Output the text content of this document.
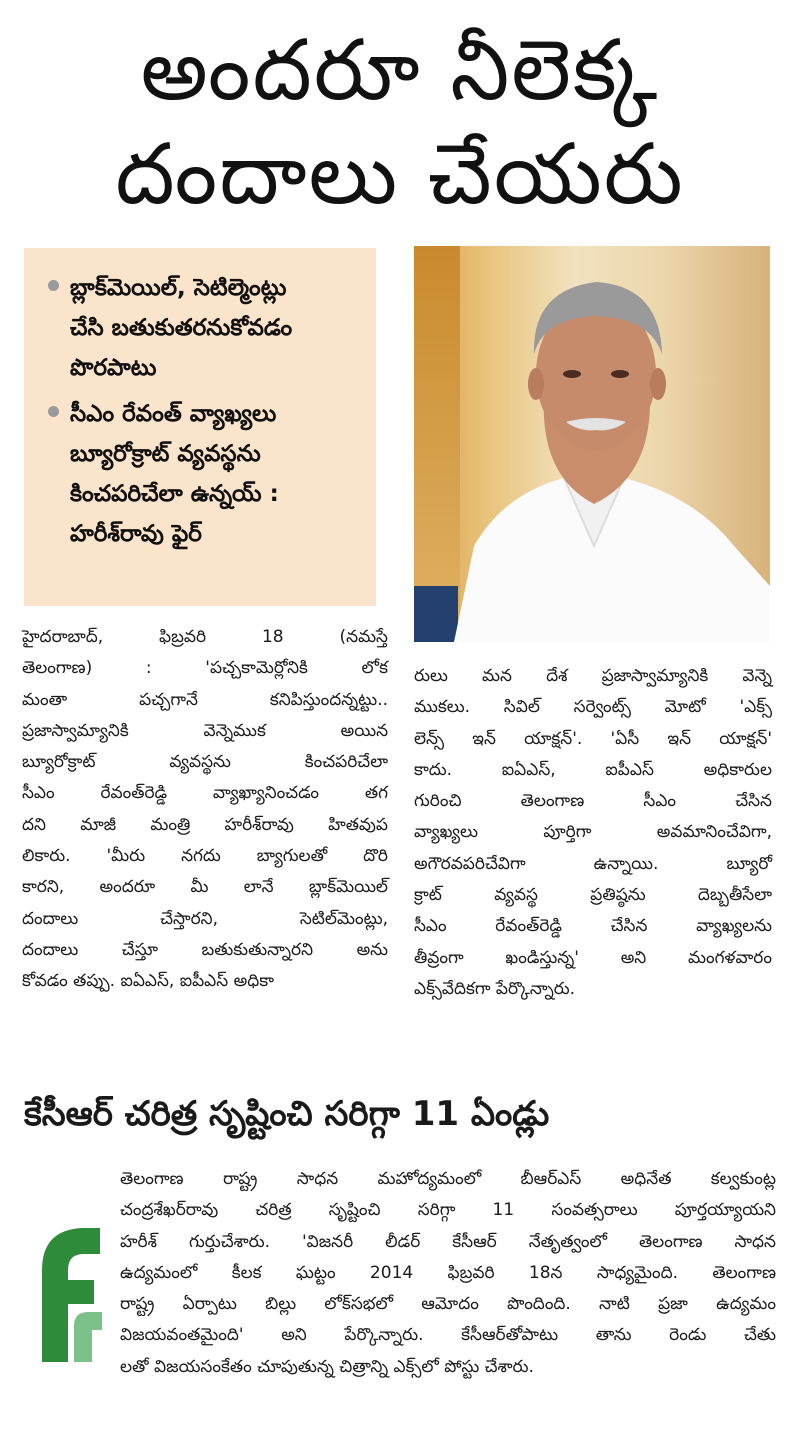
అందరూ నీలెక్క
దందాలు చేయరు
బ్లాక్‌మెయిల్, సెటిల్మెంట్లు
చేసి బతుకుతరనుకోవడం
పొరపాటు
సీఎం రేవంత్ వ్యాఖ్యలు
బ్యూరోక్రాట్ వ్యవస్థను
కించపరిచేలా ఉన్నయ్ :
హరీశ్‌రావు ఫైర్
హైదరాబాద్, ఫిబ్రవరి 18 (నమస్తే
తెలంగాణ) : 'పచ్చకామెర్లోనికి లోక
మంతా పచ్చగానే కనిపిస్తుందన్నట్టు..
ప్రజాస్వామ్యానికి వెన్నెముక అయిన
బ్యూరోక్రాట్ వ్యవస్థను కించపరిచేలా
సీఎం రేవంత్‌రెడ్డి వ్యాఖ్యానించడం తగ
దని మాజీ మంత్రి హరీశ్‌రావు హితవుప
లికారు. 'మీరు నగదు బ్యాగులతో దొరి
కారని, అందరూ మీ లానే బ్లాక్‌మెయిల్
దందాలు చేస్తారని, సెటిల్‌మెంట్లు,
దందాలు చేస్తూ బతుకుతున్నారని అను
కోవడం తప్పు. ఐఏఎస్, ఐపీఎస్ అధికా
రులు మన దేశ ప్రజాస్వామ్యానికి వెన్నె
ముకలు. సివిల్ సర్వెంట్స్ మోటో 'ఎక్స్
లెన్స్ ఇన్ యాక్షన్'. 'ఏసీ ఇన్ యాక్షన్'
కాదు. ఐఏఎస్, ఐపీఎస్ అధికారుల
గురించి తెలంగాణ సీఎం చేసిన
వ్యాఖ్యలు పూర్తిగా అవమానించేవిగా,
అగౌరవపరిచేవిగా ఉన్నాయి. బ్యూరో
క్రాట్ వ్యవస్థ ప్రతిష్ఠను దెబ్బతీసేలా
సీఎం రేవంత్‌రెడ్డి చేసిన వ్యాఖ్యలను
తీవ్రంగా ఖండిస్తున్న' అని మంగళవారం
ఎక్స్‌వేదికగా పేర్కొన్నారు.
కేసీఆర్ చరిత్ర సృష్టించి సరిగ్గా 11 ఏండ్లు
తెలంగాణ రాష్ట్ర సాధన మహోద్యమంలో బీఆర్‌ఎస్ అధినేత కల్వకుంట్ల
చంద్రశేఖర్‌రావు చరిత్ర సృష్టించి సరిగ్గా 11 సంవత్సరాలు పూర్తయ్యాయని
హరీశ్ గుర్తుచేశారు. 'విజనరీ లీడర్ కేసీఆర్ నేతృత్వంలో తెలంగాణ సాధన
ఉద్యమంలో కీలక ఘట్టం 2014 ఫిబ్రవరి 18న సాధ్యమైంది. తెలంగాణ
రాష్ట్ర ఏర్పాటు బిల్లు లోక్‌సభలో ఆమోదం పొందింది. నాటి ప్రజా ఉద్యమం
విజయవంతమైంది' అని పేర్కొన్నారు. కేసీఆర్‌తోపాటు తాను రెండు చేతు
లతో విజయసంకేతం చూపుతున్న చిత్రాన్ని ఎక్స్‌లో పోస్టు చేశారు.
